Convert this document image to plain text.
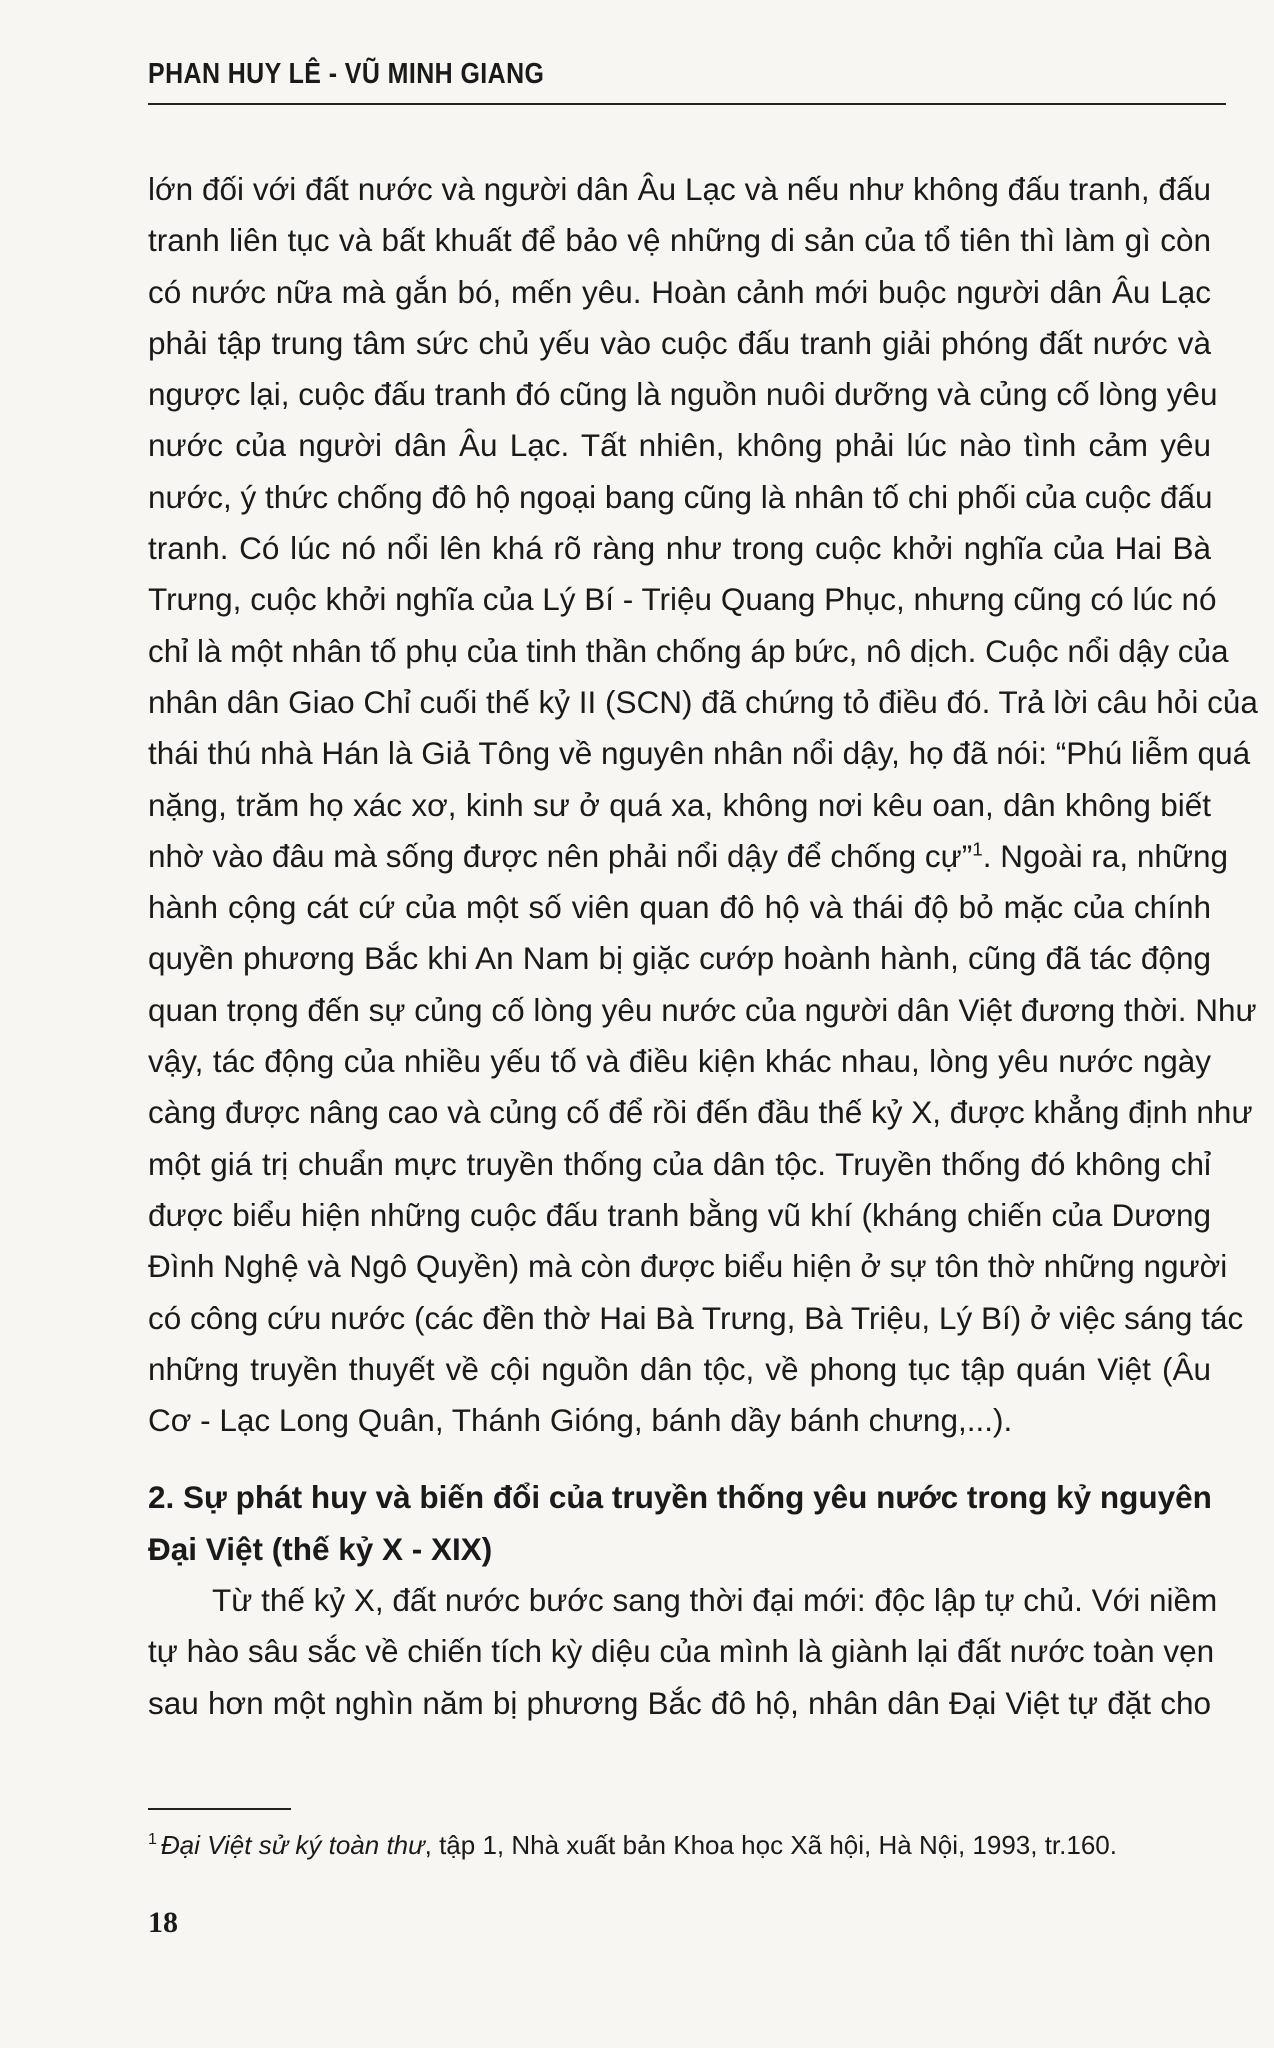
PHAN HUY LÊ - VŨ MINH GIANG
lớn đối với đất nước và người dân Âu Lạc và nếu như không đấu tranh, đấu
tranh liên tục và bất khuất để bảo vệ những di sản của tổ tiên thì làm gì còn
có nước nữa mà gắn bó, mến yêu. Hoàn cảnh mới buộc người dân Âu Lạc
phải tập trung tâm sức chủ yếu vào cuộc đấu tranh giải phóng đất nước và
ngược lại, cuộc đấu tranh đó cũng là nguồn nuôi dưỡng và củng cố lòng yêu
nước của người dân Âu Lạc. Tất nhiên, không phải lúc nào tình cảm yêu
nước, ý thức chống đô hộ ngoại bang cũng là nhân tố chi phối của cuộc đấu
tranh. Có lúc nó nổi lên khá rõ ràng như trong cuộc khởi nghĩa của Hai Bà
Trưng, cuộc khởi nghĩa của Lý Bí - Triệu Quang Phục, nhưng cũng có lúc nó
chỉ là một nhân tố phụ của tinh thần chống áp bức, nô dịch. Cuộc nổi dậy của
nhân dân Giao Chỉ cuối thế kỷ II (SCN) đã chứng tỏ điều đó. Trả lời câu hỏi của
thái thú nhà Hán là Giả Tông về nguyên nhân nổi dậy, họ đã nói: “Phú liễm quá
nặng, trăm họ xác xơ, kinh sư ở quá xa, không nơi kêu oan, dân không biết
nhờ vào đâu mà sống được nên phải nổi dậy để chống cự”$^1$. Ngoài ra, những
hành cộng cát cứ của một số viên quan đô hộ và thái độ bỏ mặc của chính
quyền phương Bắc khi An Nam bị giặc cướp hoành hành, cũng đã tác động
quan trọng đến sự củng cố lòng yêu nước của người dân Việt đương thời. Như
vậy, tác động của nhiều yếu tố và điều kiện khác nhau, lòng yêu nước ngày
càng được nâng cao và củng cố để rồi đến đầu thế kỷ X, được khẳng định như
một giá trị chuẩn mực truyền thống của dân tộc. Truyền thống đó không chỉ
được biểu hiện những cuộc đấu tranh bằng vũ khí (kháng chiến của Dương
Đình Nghệ và Ngô Quyền) mà còn được biểu hiện ở sự tôn thờ những người
có công cứu nước (các đền thờ Hai Bà Trưng, Bà Triệu, Lý Bí) ở việc sáng tác
những truyền thuyết về cội nguồn dân tộc, về phong tục tập quán Việt (Âu
Cơ - Lạc Long Quân, Thánh Gióng, bánh dầy bánh chưng,...).
2. Sự phát huy và biến đổi của truyền thống yêu nước trong kỷ nguyên
Đại Việt (thế kỷ X - XIX)
Từ thế kỷ X, đất nước bước sang thời đại mới: độc lập tự chủ. Với niềm
tự hào sâu sắc về chiến tích kỳ diệu của mình là giành lại đất nước toàn vẹn
sau hơn một nghìn năm bị phương Bắc đô hộ, nhân dân Đại Việt tự đặt cho
$^1$ Đại Việt sử ký toàn thư, tập 1, Nhà xuất bản Khoa học Xã hội, Hà Nội, 1993, tr.160.
18
